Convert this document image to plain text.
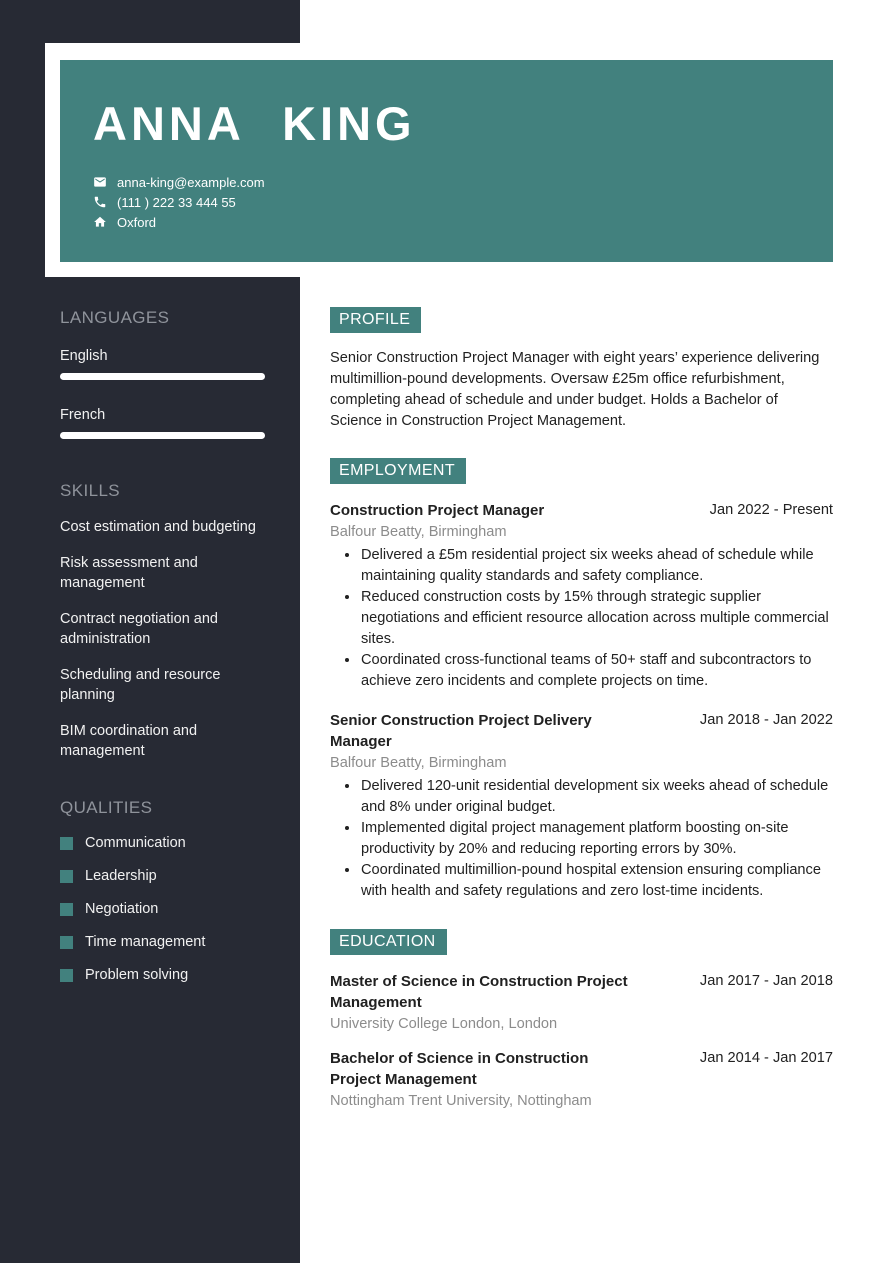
LANGUAGES
English
French
SKILLS
Cost estimation and budgeting
Risk assessment and management
Contract negotiation and administration
Scheduling and resource planning
BIM coordination and management
QUALITIES
Communication
Leadership
Negotiation
Time management
Problem solving
ANNA KING
anna-king@example.com
(111 ) 222 33 444 55
Oxford
PROFILE

Senior Construction Project Manager with eight years’ experience delivering multimillion-pound developments. Oversaw £25m office refurbishment, completing ahead of schedule and under budget. Holds a Bachelor of Science in Construction Project Management.

EMPLOYMENT
Construction Project Manager	Jan 2022 - Present
Balfour Beatty, Birmingham
• Delivered a £5m residential project six weeks ahead of schedule while maintaining quality standards and safety compliance.
• Reduced construction costs by 15% through strategic supplier negotiations and efficient resource allocation across multiple commercial sites.
• Coordinated cross-functional teams of 50+ staff and subcontractors to achieve zero incidents and complete projects on time.
Senior Construction Project Delivery Manager
Jan 2018 - Jan 2022
Balfour Beatty, Birmingham
• Delivered 120-unit residential development six weeks ahead of schedule and 8% under original budget.
• Implemented digital project management platform boosting on-site productivity by 20% and reducing reporting errors by 30%.
• Coordinated multimillion-pound hospital extension ensuring compliance with health and safety regulations and zero lost-time incidents.
EDUCATION
Master of Science in Construction Project Management
Jan 2017 - Jan 2018
University College London, London
Bachelor of Science in Construction Project Management
Jan 2014 - Jan 2017
Nottingham Trent University, Nottingham
